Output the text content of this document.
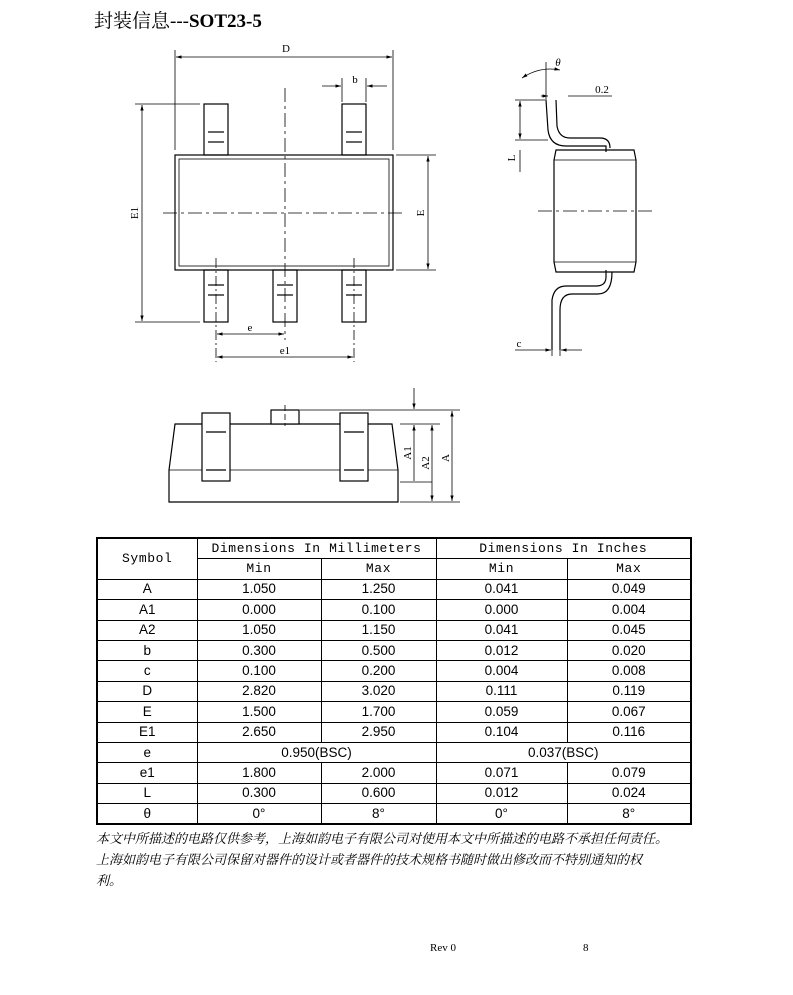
封装信息---SOT23-5
D
b
E1	E
e
e1
θ
0.2
L
c
A1
A2 A
Symbol	Dimensions In Millimeters		Dimensions In Inches	
	Min	Max	Min	Max
A	1.050	1.250	0.041	0.049
A1	0.000	0.100	0.000	0.004
A2	1.050	1.150	0.041	0.045
b	0.300	0.500	0.012	0.020
c	0.100	0.200	0.004	0.008
D	2.820	3.020	0.111	0.119
E	1.500	1.700	0.059	0.067
E1	2.650	2.950	0.104	0.116
e	0.950(BSC)		0.037(BSC)	
e1	1.800	2.000	0.071	0.079
L	0.300	0.600	0.012	0.024
θ	0°	8°	0°	8°
本文中所描述的电路仅供参考，上海如韵电子有限公司对使用本文中所描述的电路不承担任何责任。
上海如韵电子有限公司保留对器件的设计或者器件的技术规格书随时做出修改而不特别通知的权
利。
Rev 0	8
